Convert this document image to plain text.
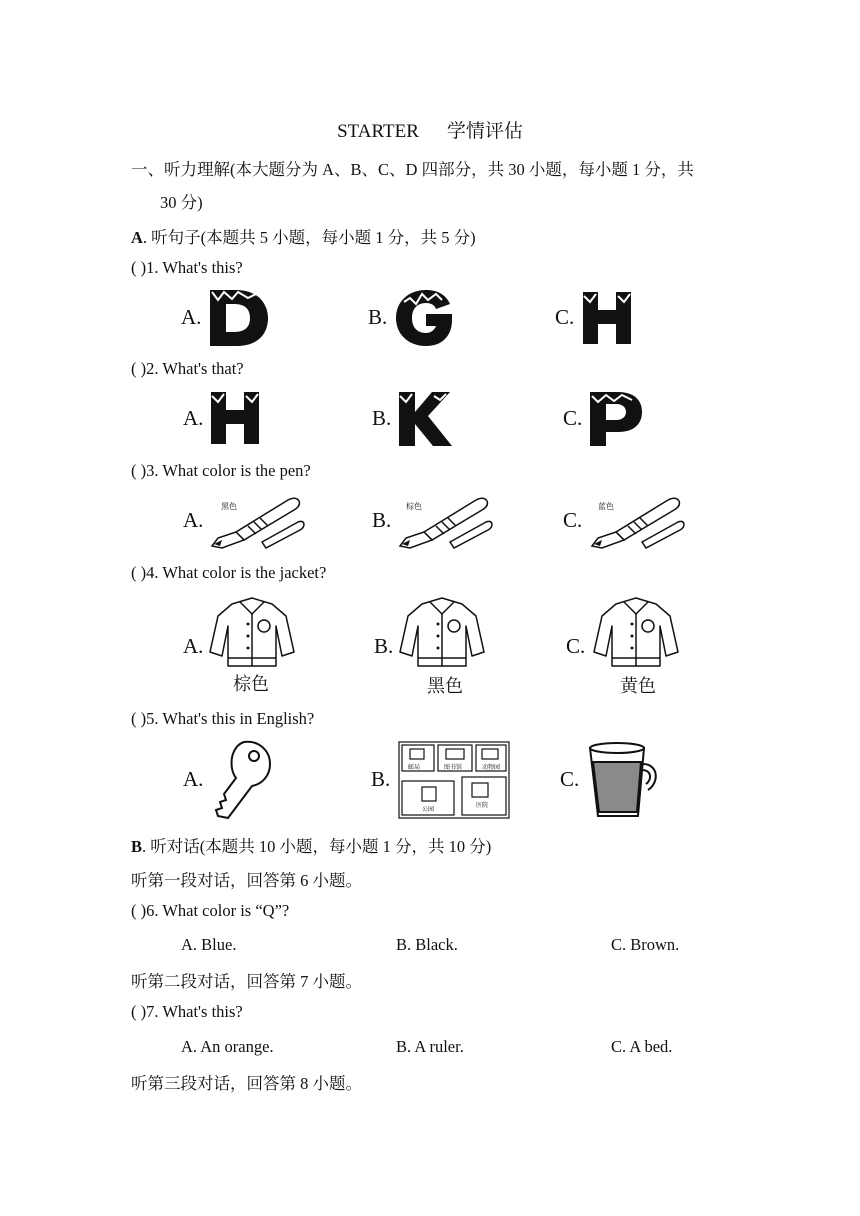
STARTER 学情评估
一、听力理解(本大题分为 A、B、C、D 四部分，共 30 小题，每小题 1 分，共
30 分)
A. 听句子(本题共 5 小题，每小题 1 分，共 5 分)
( )1. What's this?
A.	B.	C.
( )2. What's that?
A.	B.	C.
( )3. What color is the pen?
A.	B.	C.
黑色	棕色	蓝色
( )4. What color is the jacket?
A.	B.	C.
棕色	黑色	黄色
( )5. What's this in English?
A.	B.	C.
邮局	图书馆	动物园
公园
医院
B. 听对话(本题共 10 小题，每小题 1 分，共 10 分)
听第一段对话，回答第 6 小题。
( )6. What color is “Q”?
A. Blue.	B. Black.	C. Brown.
听第二段对话，回答第 7 小题。
( )7. What's this?
A. An orange.	B. A ruler.	C. A bed.
听第三段对话，回答第 8 小题。
